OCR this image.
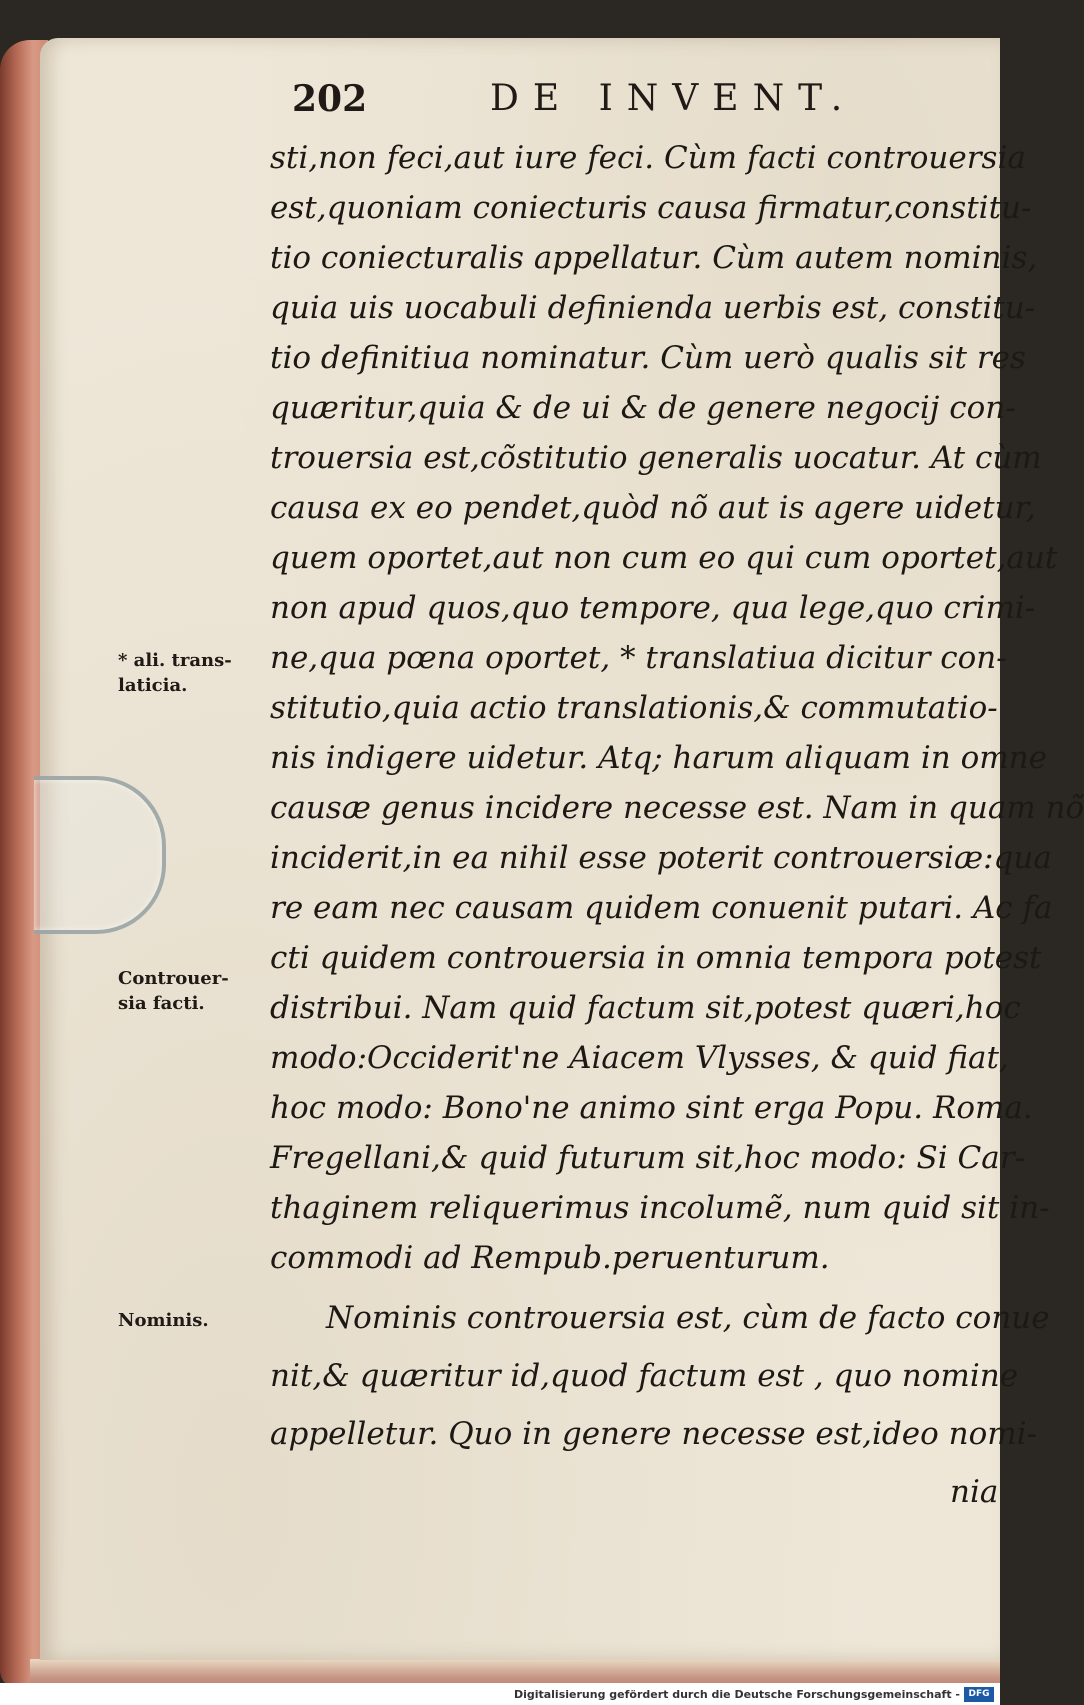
202	DE INVENT.
sti,non feci,aut iure feci. Cùm facti controuersia
est,quoniam coniecturis causa firmatur,constitu-
tio coniecturalis appellatur. Cùm autem nominis,
quia uis uocabuli definienda uerbis est, constitu-
tio definitiua nominatur. Cùm uerò qualis sit res
quæritur,quia & de ui & de genere negocij con-
trouersia est,cõstitutio generalis uocatur. At cùm
causa ex eo pendet,quòd nõ aut is agere uidetur,
quem oportet,aut non cum eo qui cum oportet,aut
non apud quos,quo tempore, qua lege,quo crimi-
ne,qua pœna oportet, * translatiua dicitur con-
stitutio,quia actio translationis,& commutatio-
nis indigere uidetur. Atq; harum aliquam in omne
causæ genus incidere necesse est. Nam in quam nõ
inciderit,in ea nihil esse poterit controuersiæ:qua
re eam nec causam quidem conuenit putari. Ac fa
cti quidem controuersia in omnia tempora potest
distribui. Nam quid factum sit,potest quæri,hoc
modo:Occiderit'ne Aiacem Vlysses, & quid fiat,
hoc modo: Bono'ne animo sint erga Popu. Roma.
Fregellani,& quid futurum sit,hoc modo: Si Car-
thaginem reliquerimus incolumẽ, num quid sit in-
commodi ad Rempub.peruenturum.
Nominis controuersia est, cùm de facto conue
nit,& quæritur id,quod factum est , quo nomine
appelletur. Quo in genere necesse est,ideo nomi-
nia
* ali. trans-
laticia.
Controuer-
sia facti.
Nominis.
Digitalisierung gefördert durch die Deutsche Forschungsgemeinschaft - DFG
